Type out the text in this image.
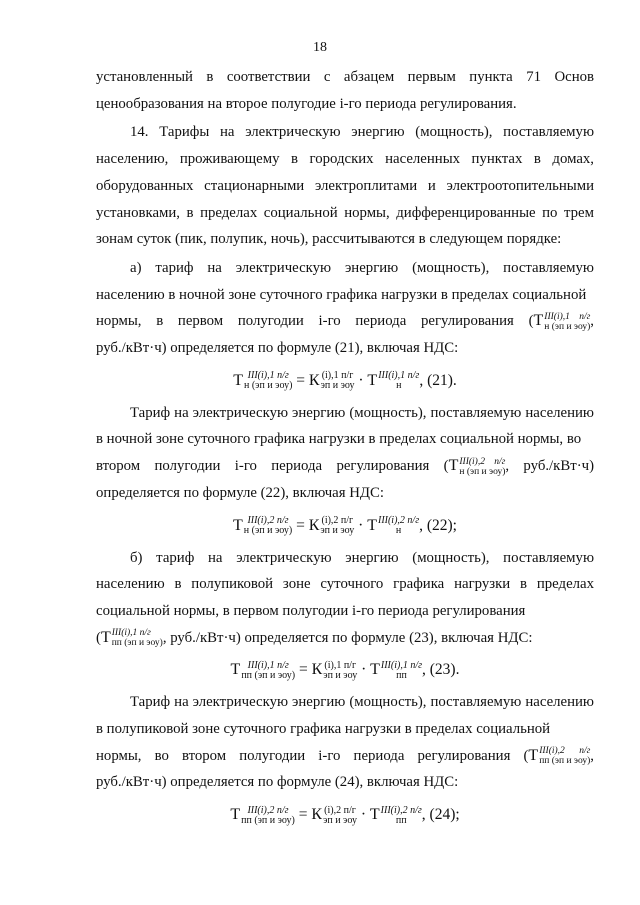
18

установленный в соответствии с абзацем первым пункта 71 Основ

ценообразования на второе полугодие i-го периода регулирования.

14. Тарифы на электрическую энергию (мощность), поставляемую населению, проживающему в городских населенных пунктах в домах, оборудованных стационарными электроплитами и электроотопительными установками, в пределах социальной нормы, дифференцированные по трем зонам суток (пик, полупик, ночь), рассчитываются в следующем порядке:

а) тариф на электрическую энергию (мощность), поставляемую населению в ночной зоне суточного графика нагрузки в пределах социальной

нормы, в первом полугодии i-го периода регулирования (Т III(i),1 п/г
н (эп и эоу) ,

руб./кВт·ч) определяется по формуле (21), включая НДС:

Т III(i),1 п/г
н (эп и эоу) = К (i),1 п/г
эп и эоу · Т III(i),1 п/г
н	, (21).

Тариф на электрическую энергию (мощность), поставляемую населению в ночной зоне суточного графика нагрузки в пределах социальной нормы, во

втором полугодии i-го периода регулирования (Т III(i),2 п/г
н (эп и эоу) , руб./кВт·ч)

определяется по формуле (22), включая НДС:

Т III(i),2 п/г
н (эп и эоу) = К (i),2 п/г
эп и эоу · Т III(i),2 п/г
н	, (22);

б) тариф на электрическую энергию (мощность), поставляемую населению в полупиковой зоне суточного графика нагрузки в пределах социальной нормы, в первом полугодии i-го периода регулирования

(Т III(i),1 п/г
пп (эп и эоу) , руб./кВт·ч) определяется по формуле (23), включая НДС:

Т III(i),1 п/г
пп (эп и эоу) = К (i),1 п/г
эп и эоу · Т III(i),1 п/г
пп , (23).

Тариф на электрическую энергию (мощность), поставляемую населению в полупиковой зоне суточного графика нагрузки в пределах социальной

нормы, во втором полугодии i-го периода регулирования (Т III(i),2 п/г
пп (эп и эоу) ,

руб./кВт·ч) определяется по формуле (24), включая НДС:

Т III(i),2 п/г
пп (эп и эоу) = К (i),2 п/г
эп и эоу · Т III(i),2 п/г
пп , (24);
